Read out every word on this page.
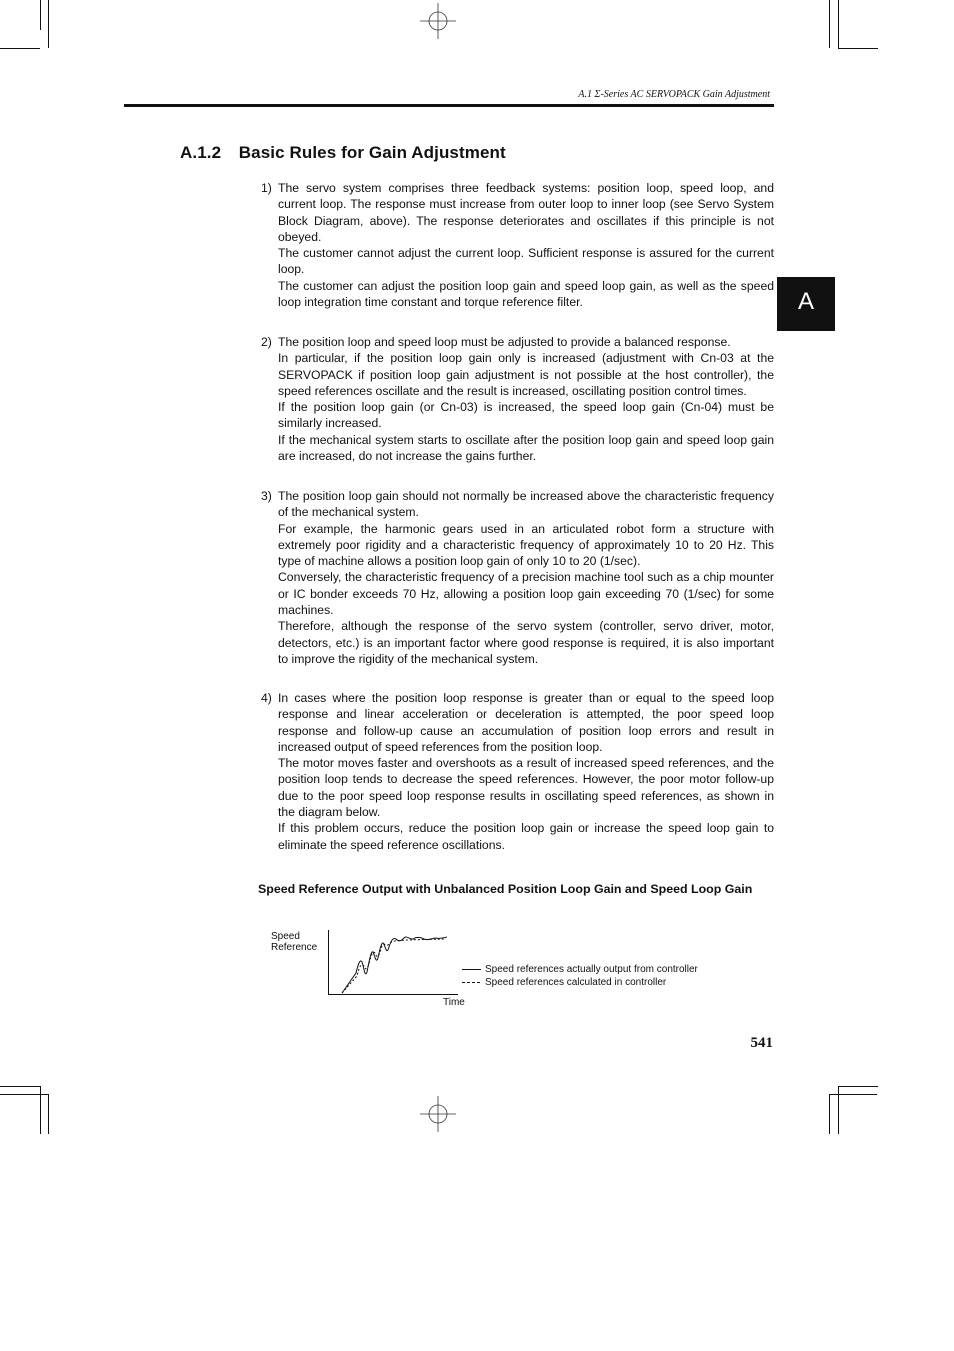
A.1 Σ-Series AC SERVOPACK Gain Adjustment
A.1.2 Basic Rules for Gain Adjustment
A
1) The servo system comprises three feedback systems: position loop, speed loop, and current loop. The response must increase from outer loop to inner loop (see Servo System Block Diagram, above). The response deteriorates and oscillates if this principle is not obeyed.

The customer cannot adjust the current loop. Sufficient response is assured for the current loop.

The customer can adjust the position loop gain and speed loop gain, as well as the speed loop integration time constant and torque reference filter.

2) The position loop and speed loop must be adjusted to provide a balanced response.

In particular, if the position loop gain only is increased (adjustment with Cn-03 at the SERVOPACK if position loop gain adjustment is not possible at the host controller), the speed references oscillate and the result is increased, oscillating position control times.

If the position loop gain (or Cn-03) is increased, the speed loop gain (Cn-04) must be similarly increased.

If the mechanical system starts to oscillate after the position loop gain and speed loop gain are increased, do not increase the gains further.

3) The position loop gain should not normally be increased above the characteristic frequency of the mechanical system.

For example, the harmonic gears used in an articulated robot form a structure with extremely poor rigidity and a characteristic frequency of approximately 10 to 20 Hz. This type of machine allows a position loop gain of only 10 to 20 (1/sec).

Conversely, the characteristic frequency of a precision machine tool such as a chip mounter or IC bonder exceeds 70 Hz, allowing a position loop gain exceeding 70 (1/sec) for some machines.

Therefore, although the response of the servo system (controller, servo driver, motor, detectors, etc.) is an important factor where good response is required, it is also important to improve the rigidity of the mechanical system.

4) In cases where the position loop response is greater than or equal to the speed loop response and linear acceleration or deceleration is attempted, the poor speed loop response and follow-up cause an accumulation of position loop errors and result in increased output of speed references from the position loop.

The motor moves faster and overshoots as a result of increased speed references, and the position loop tends to decrease the speed references. However, the poor motor follow-up due to the poor speed loop response results in oscillating speed references, as shown in the diagram below.

If this problem occurs, reduce the position loop gain or increase the speed loop gain to eliminate the speed reference oscillations.

Speed Reference Output with Unbalanced Position Loop Gain and Speed Loop Gain
Speed
Reference
Time
Speed references actually output from controller
Speed references calculated in controller
541
